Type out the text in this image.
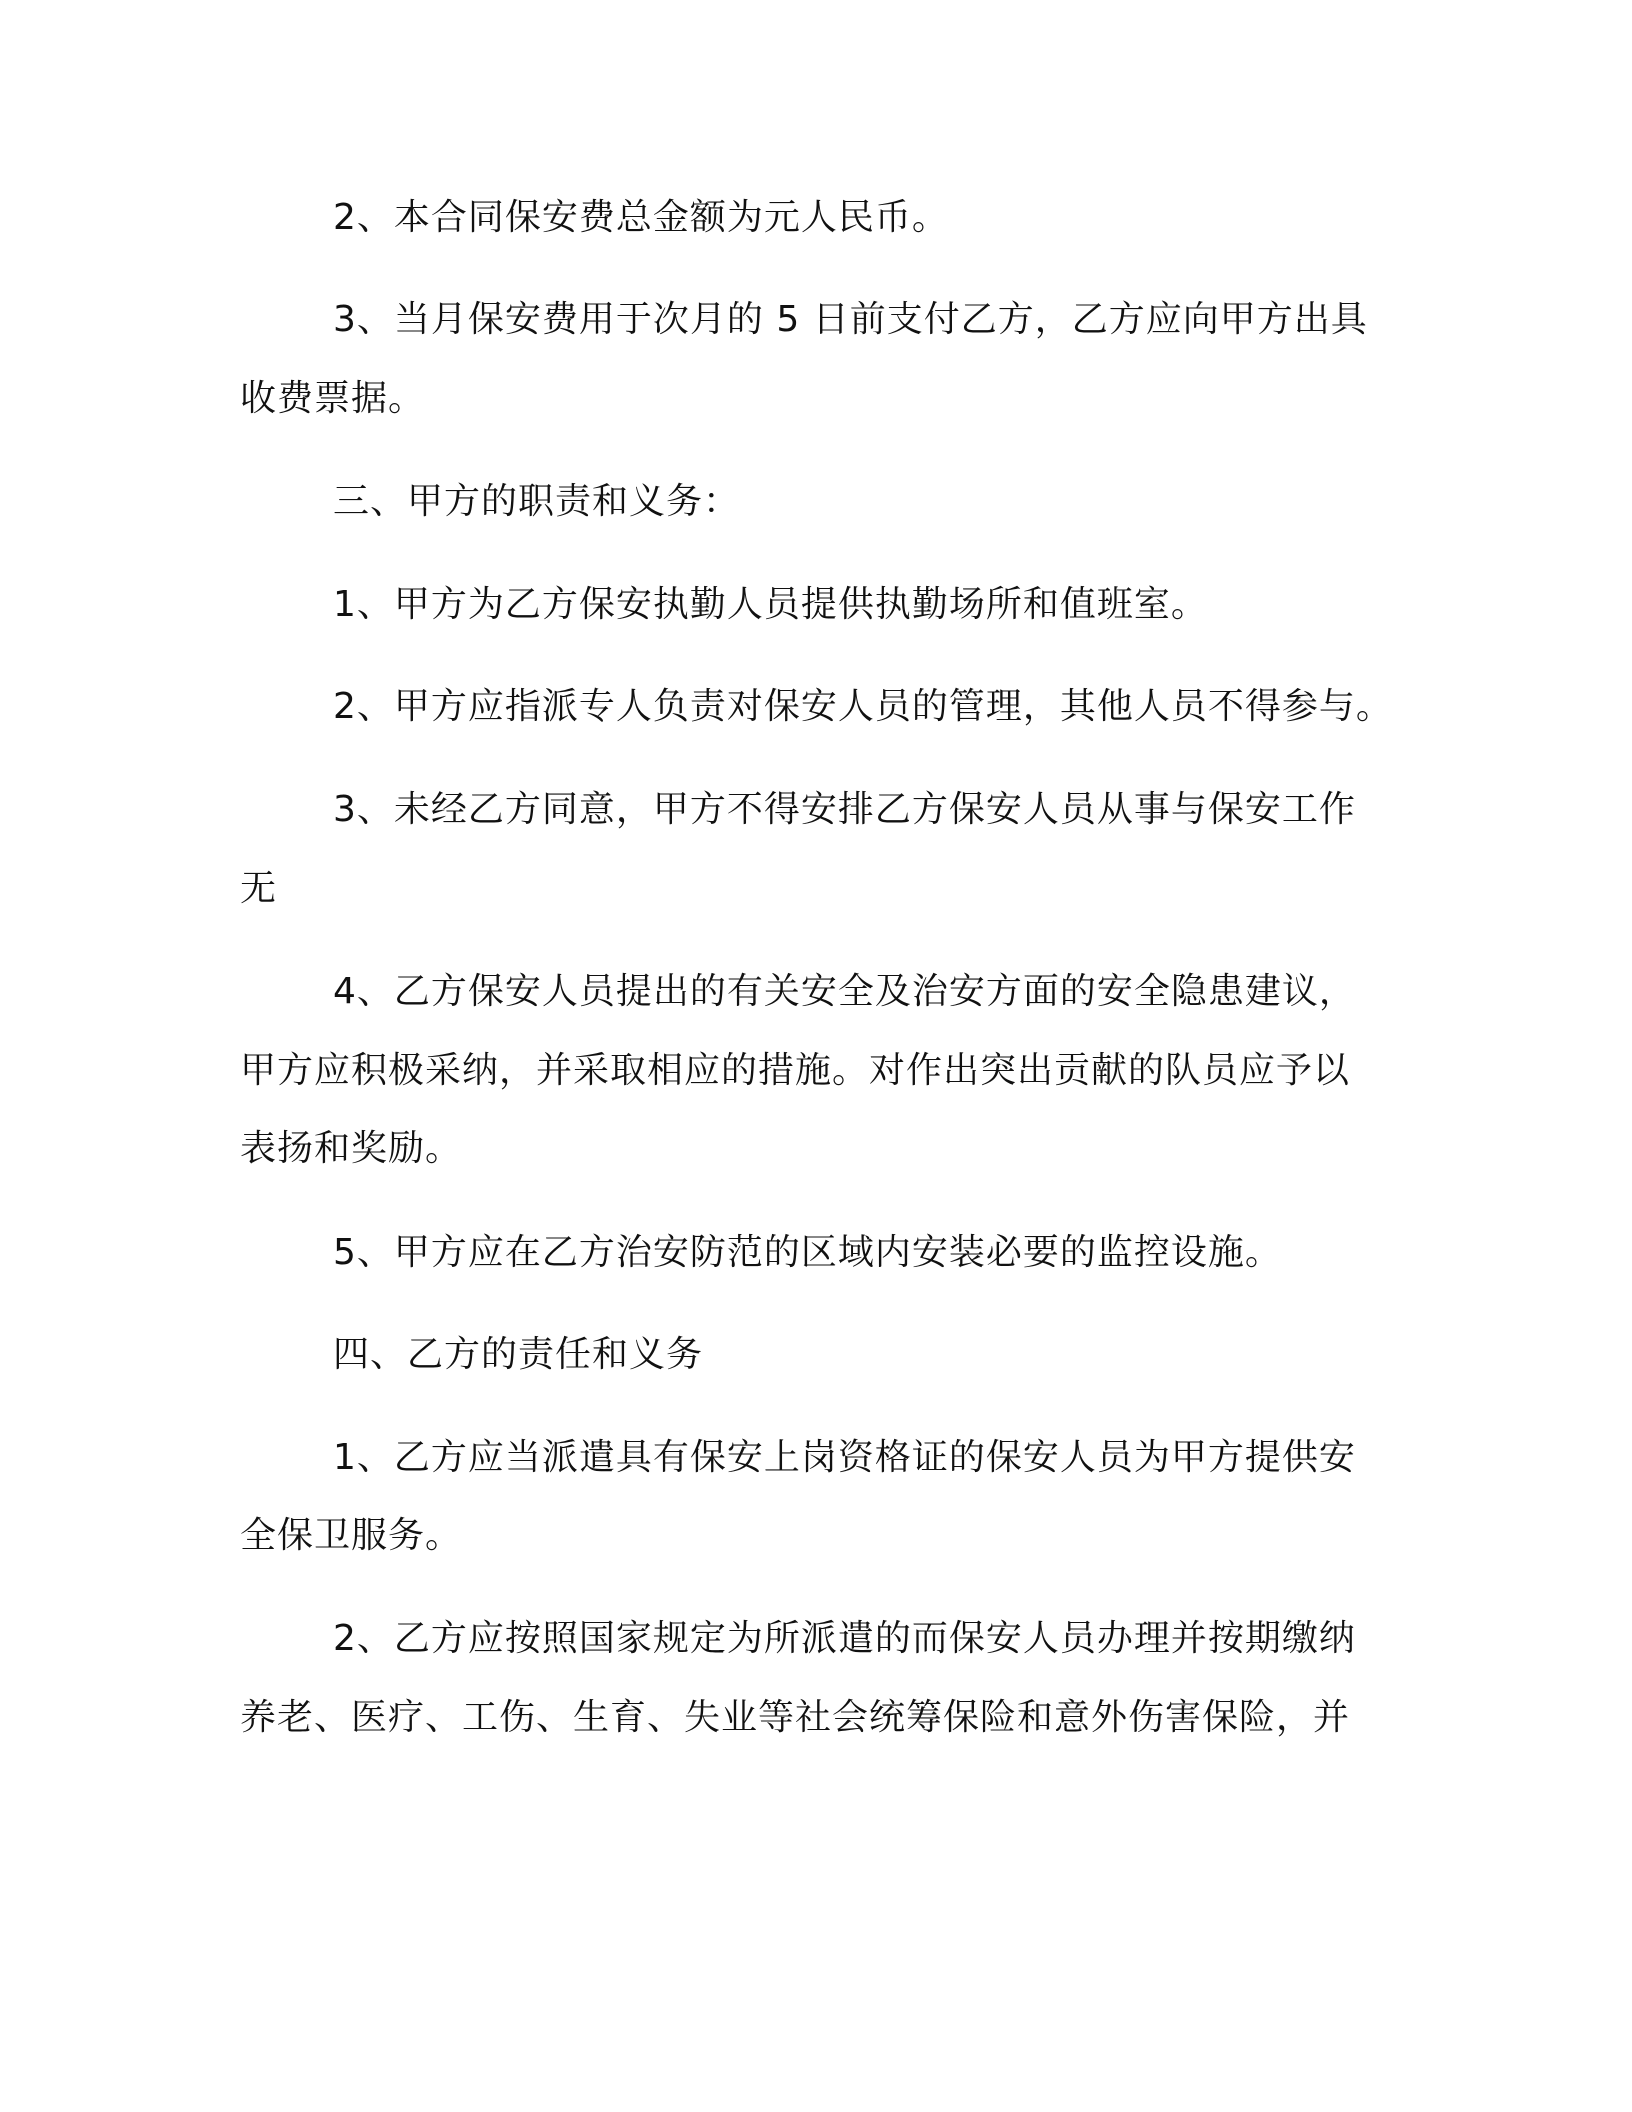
2、本合同保安费总金额为元人民币。
3、当月保安费用于次月的 5 日前支付乙方，乙方应向甲方出具
收费票据。
三、甲方的职责和义务：
1、甲方为乙方保安执勤人员提供执勤场所和值班室。
2、甲方应指派专人负责对保安人员的管理，其他人员不得参与。
3、未经乙方同意，甲方不得安排乙方保安人员从事与保安工作
无
4、乙方保安人员提出的有关安全及治安方面的安全隐患建议，
甲方应积极采纳，并采取相应的措施。对作出突出贡献的队员应予以
表扬和奖励。
5、甲方应在乙方治安防范的区域内安装必要的监控设施。
四、乙方的责任和义务
1、乙方应当派遣具有保安上岗资格证的保安人员为甲方提供安
全保卫服务。
2、乙方应按照国家规定为所派遣的而保安人员办理并按期缴纳
养老、医疗、工伤、生育、失业等社会统筹保险和意外伤害保险，并
